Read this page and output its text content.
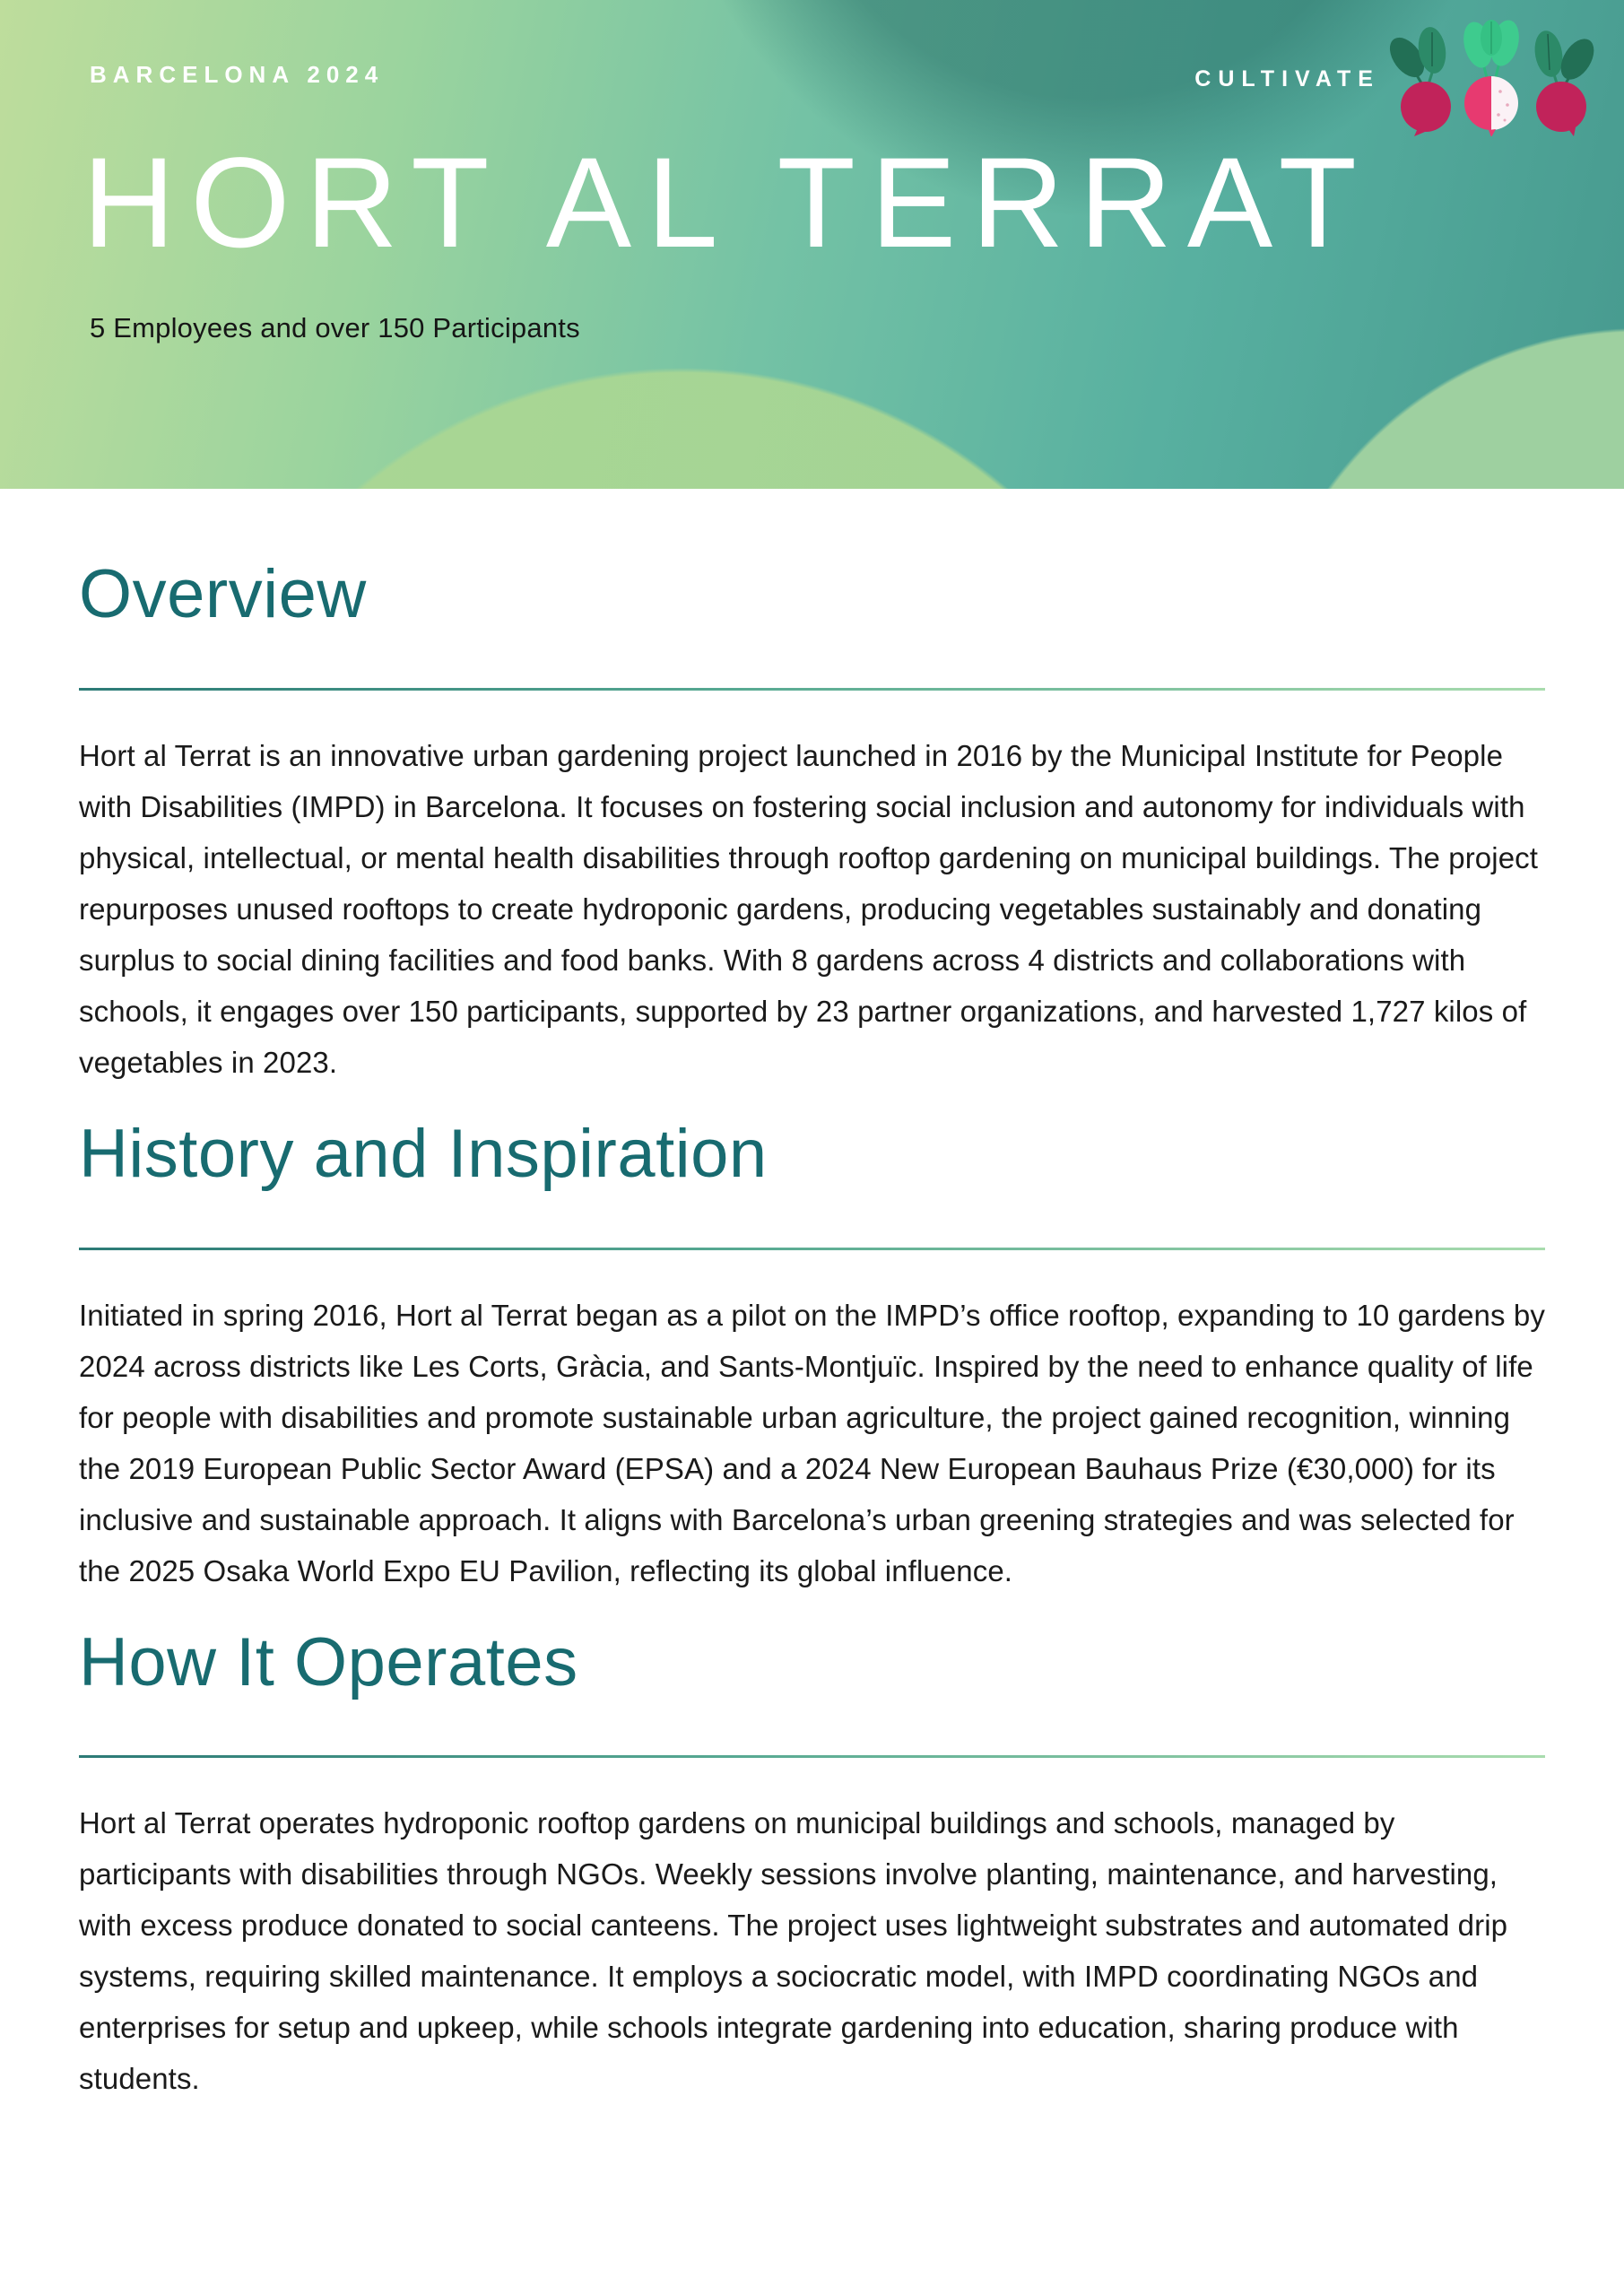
BARCELONA 2024	CULTIVATE
HORT AL TERRAT
5 Employees and over 150 Participants
Overview

Hort al Terrat is an innovative urban gardening project launched in 2016 by the Municipal Institute for People with Disabilities (IMPD) in Barcelona. It focuses on fostering social inclusion and autonomy for individuals with physical, intellectual, or mental health disabilities through rooftop gardening on municipal buildings. The project repurposes unused rooftops to create hydroponic gardens, producing vegetables sustainably and donating surplus to social dining facilities and food banks. With 8 gardens across 4 districts and collaborations with schools, it engages over 150 participants, supported by 23 partner organizations, and harvested 1,727 kilos of vegetables in 2023.

History and Inspiration

Initiated in spring 2016, Hort al Terrat began as a pilot on the IMPD’s office rooftop, expanding to 10 gardens by 2024 across districts like Les Corts, Gràcia, and Sants-Montjuïc. Inspired by the need to enhance quality of life for people with disabilities and promote sustainable urban agriculture, the project gained recognition, winning the 2019 European Public Sector Award (EPSA) and a 2024 New European Bauhaus Prize (€30,000) for its inclusive and sustainable approach. It aligns with Barcelona’s urban greening strategies and was selected for the 2025 Osaka World Expo EU Pavilion, reflecting its global influence.

How It Operates

Hort al Terrat operates hydroponic rooftop gardens on municipal buildings and schools, managed by participants with disabilities through NGOs. Weekly sessions involve planting, maintenance, and harvesting, with excess produce donated to social canteens. The project uses lightweight substrates and automated drip systems, requiring skilled maintenance. It employs a sociocratic model, with IMPD coordinating NGOs and enterprises for setup and upkeep, while schools integrate gardening into education, sharing produce with students.
